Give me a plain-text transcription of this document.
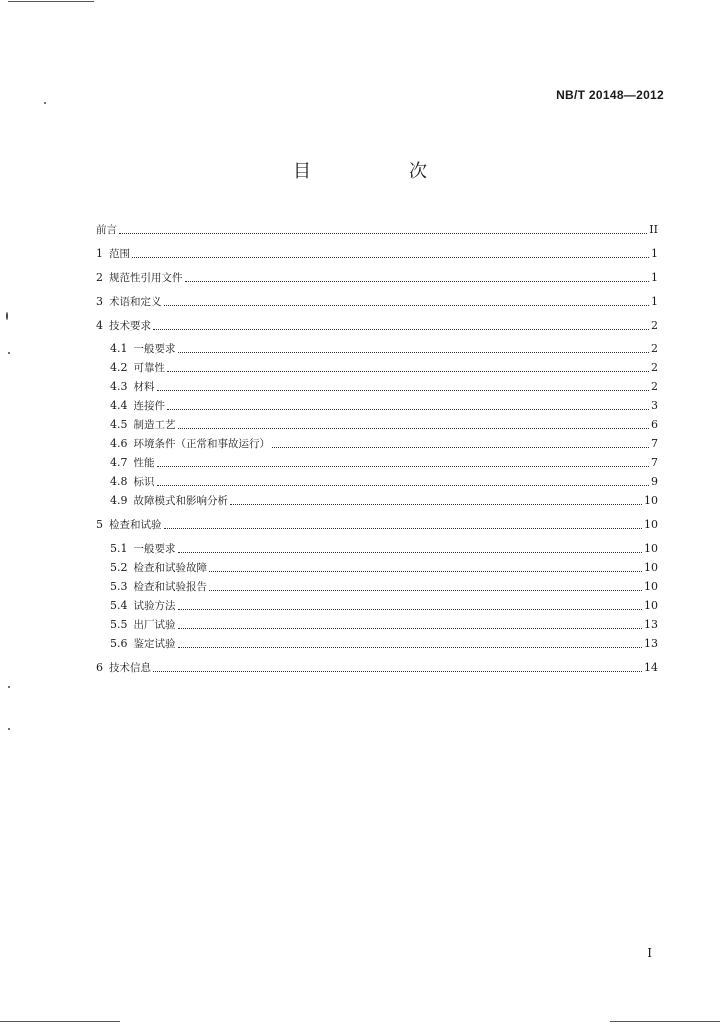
NB/T 20148—2012
目　次
前言	II
1 范围	1
2 规范性引用文件	1
3 术语和定义	1
4 技术要求	2
4.1 一般要求	2
4.2 可靠性	2
4.3 材料	2
4.4 连接件	3
4.5 制造工艺	6
4.6 环境条件（正常和事故运行）	7
4.7 性能	7
4.8 标识	9
4.9 故障模式和影响分析	10
5 检查和试验	10
5.1 一般要求	10
5.2 检查和试验故障	10
5.3 检查和试验报告	10
5.4 试验方法	10
5.5 出厂试验	13
5.6 鉴定试验	13
6 技术信息	14
I
